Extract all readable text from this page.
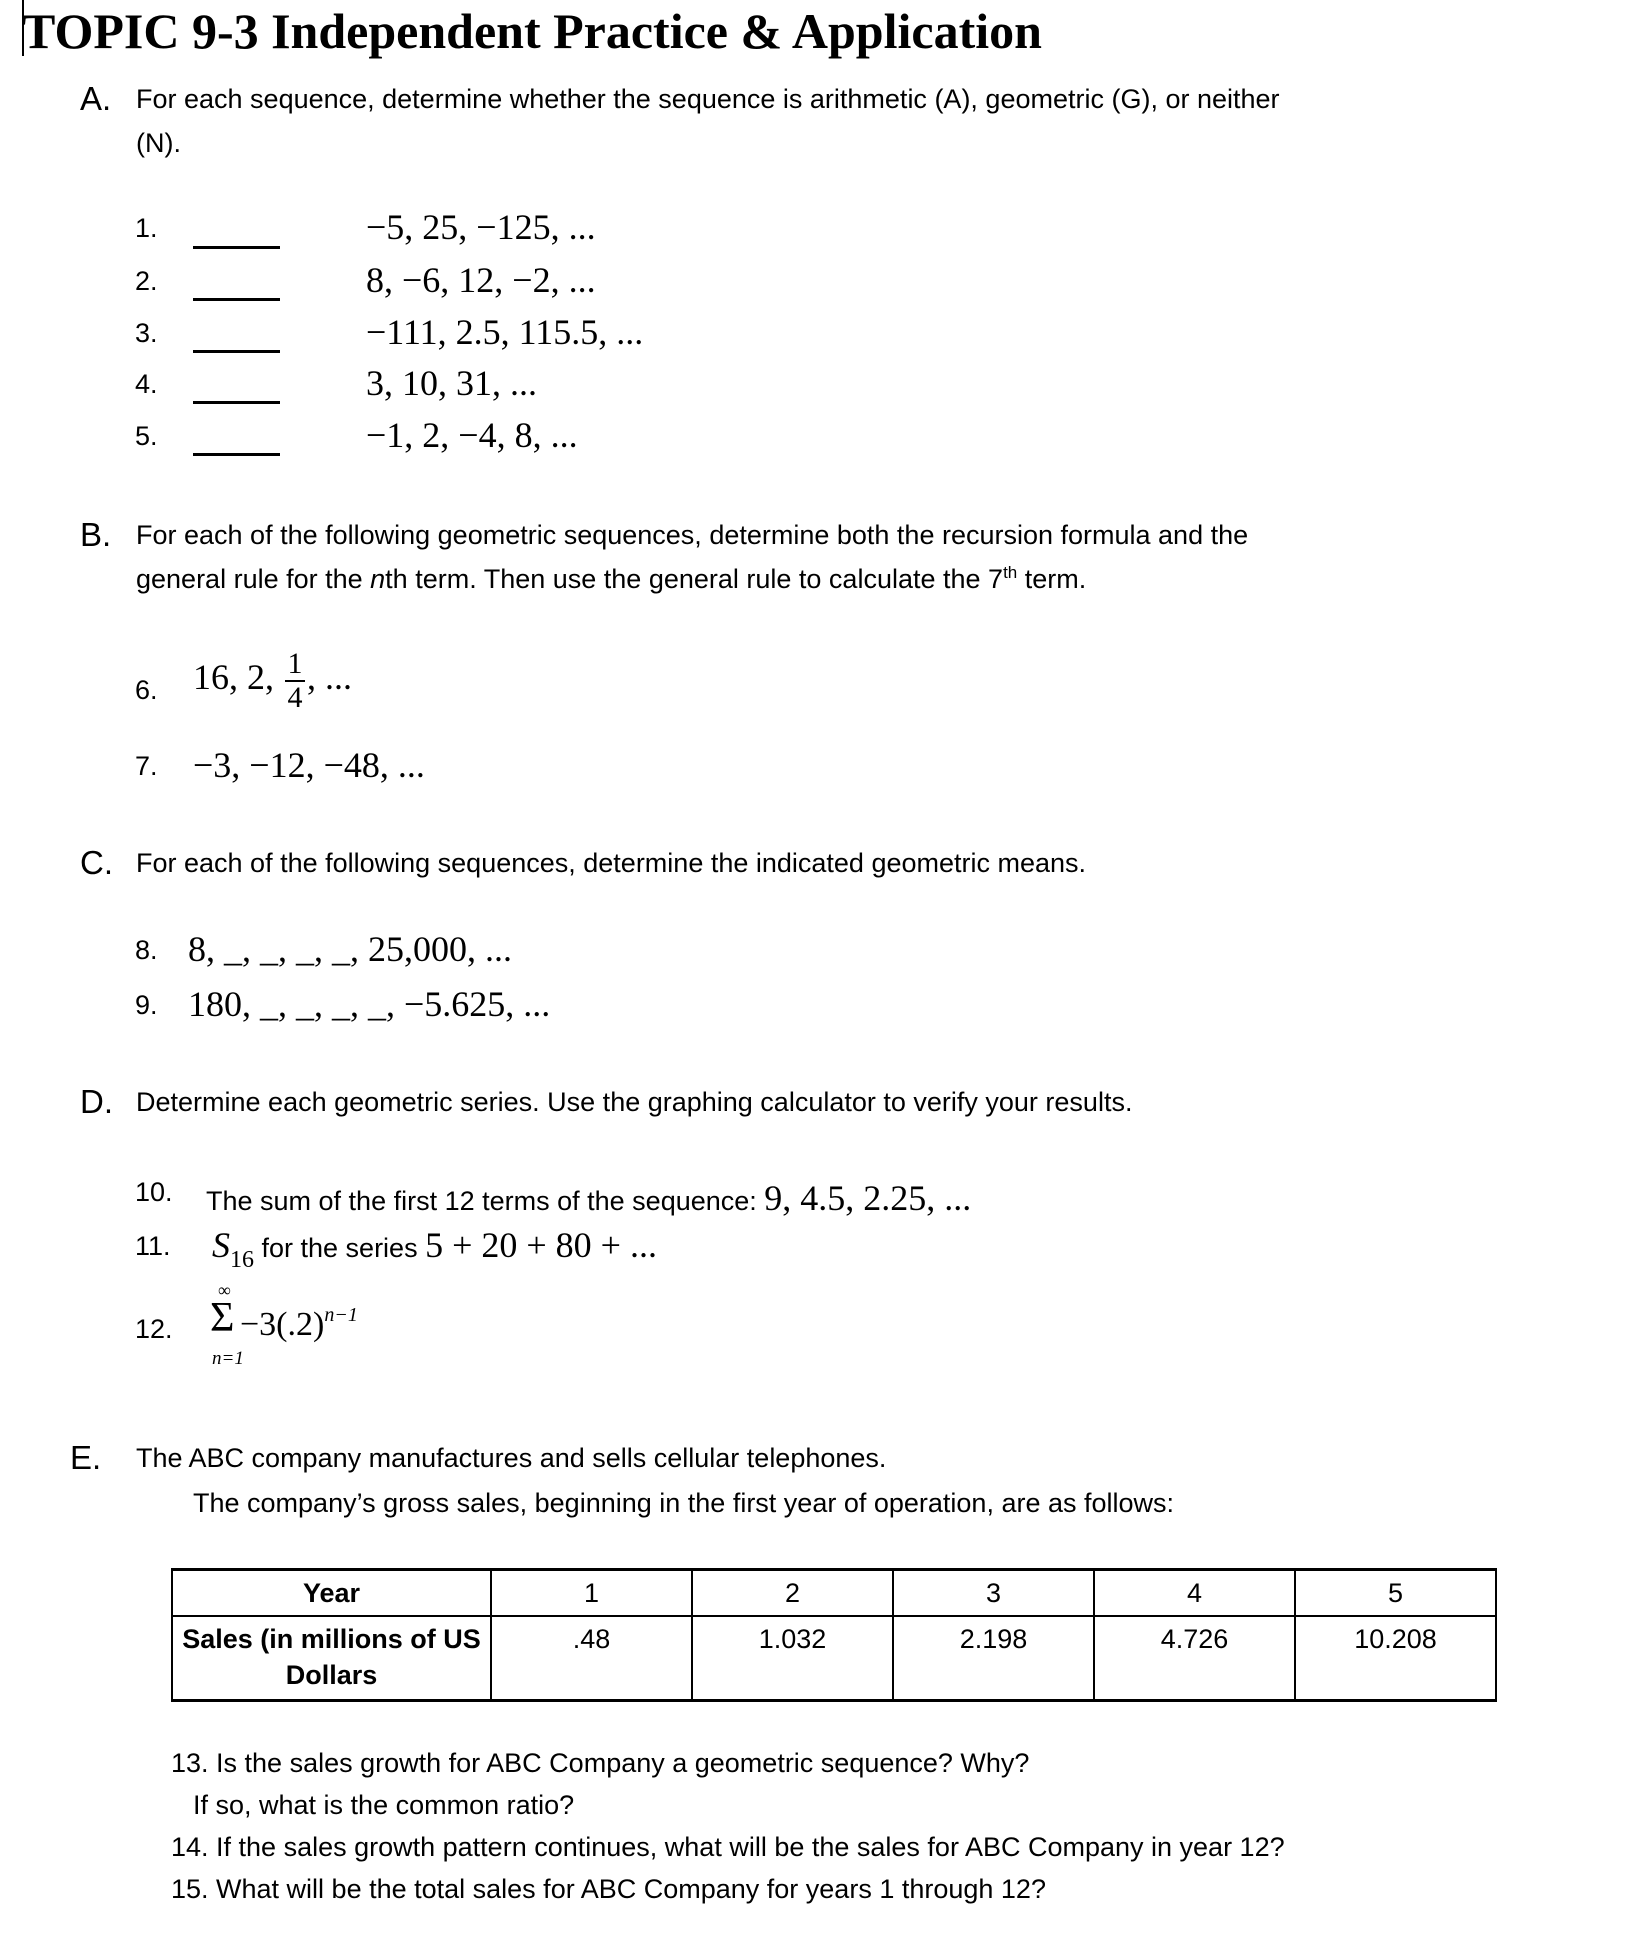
TOPIC 9-3 Independent Practice & Application
A. For each sequence, determine whether the sequence is arithmetic (A), geometric (G), or neither
(N).
1.	−5, 25, −125, ...
2.	8, −6, 12, −2, ...
3.	−111, 2.5, 115.5, ...
4.	3, 10, 31, ...
5.	−1, 2, −4, 8, ...
B. For each of the following geometric sequences, determine both the recursion formula and the
general rule for the nth term. Then use the general rule to calculate the 7th term.
6. 16, 2, $\frac{1}{4}$ , ...
7. −3, −12, −48, ...
C. For each of the following sequences, determine the indicated geometric means.
8. 8, _, _, _, _, 25,000, ...
9. 180, _, _, _, _, −5.625, ...
D. Determine each geometric series. Use the graphing calculator to verify your results.
10. The sum of the first 12 terms of the sequence: 9, 4.5, 2.25, ...
11. S16 for the series 5 + 20 + 80 + ...
12.
∞
Σ
n=1
$-3(.2)^{n-1}$
E. The ABC company manufactures and sells cellular telephones.
The company’s gross sales, beginning in the first year of operation, are as follows:
Year	1	2	3	4	5
Sales (in millions of US Dollars	.48	1.032	2.198	4.726	10.208
13. Is the sales growth for ABC Company a geometric sequence? Why?
If so, what is the common ratio?
14. If the sales growth pattern continues, what will be the sales for ABC Company in year 12?
15. What will be the total sales for ABC Company for years 1 through 12?
